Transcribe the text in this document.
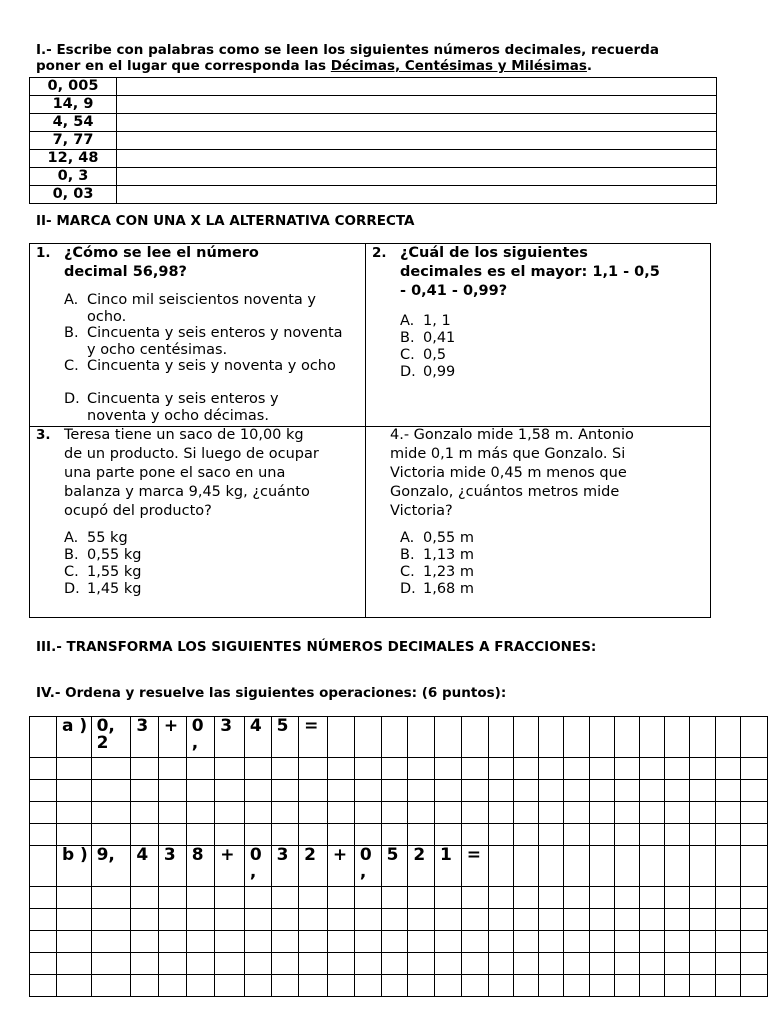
I.- Escribe con palabras como se leen los siguientes números decimales, recuerda
poner en el lugar que corresponda las Décimas, Centésimas y Milésimas.
0, 005	
14, 9	
4, 54	
7, 77	
12, 48	
0, 3	
0, 03	
II- MARCA CON UNA X LA ALTERNATIVA CORRECTA
1. ¿Cómo se lee el número
decimal 56,98?
A. Cinco mil seiscientos noventa y ocho.
B. Cincuenta y seis enteros y noventa y ocho centésimas.
C. Cincuenta y seis y noventa y ocho
D. Cincuenta y seis enteros y noventa y ocho décimas.
2. ¿Cuál de los siguientes
decimales es el mayor: 1,1 - 0,5
- 0,41 - 0,99?
A. 1, 1
B. 0,41
C. 0,5
D. 0,99
3. Teresa tiene un saco de 10,00 kg
de un producto. Si luego de ocupar
una parte pone el saco en una
balanza y marca 9,45 kg, ¿cuánto
ocupó del producto?
A. 55 kg
B. 0,55 kg
C. 1,55 kg
D. 1,45 kg
4.- Gonzalo mide 1,58 m. Antonio
mide 0,1 m más que Gonzalo. Si
Victoria mide 0,45 m menos que
Gonzalo, ¿cuántos metros mide
Victoria?
A. 0,55 m
B. 1,13 m
C. 1,23 m
D. 1,68 m
III.- TRANSFORMA LOS SIGUIENTES NÚMEROS DECIMALES A FRACCIONES:
IV.- Ordena y resuelve las siguientes operaciones: (6 puntos):

	a )	0, 2	3	+	0 ,	3	4	5	=																	

	b )	9,	4	3	8	+	0 ,	3	2	+	0 ,	5	2	1	=											
